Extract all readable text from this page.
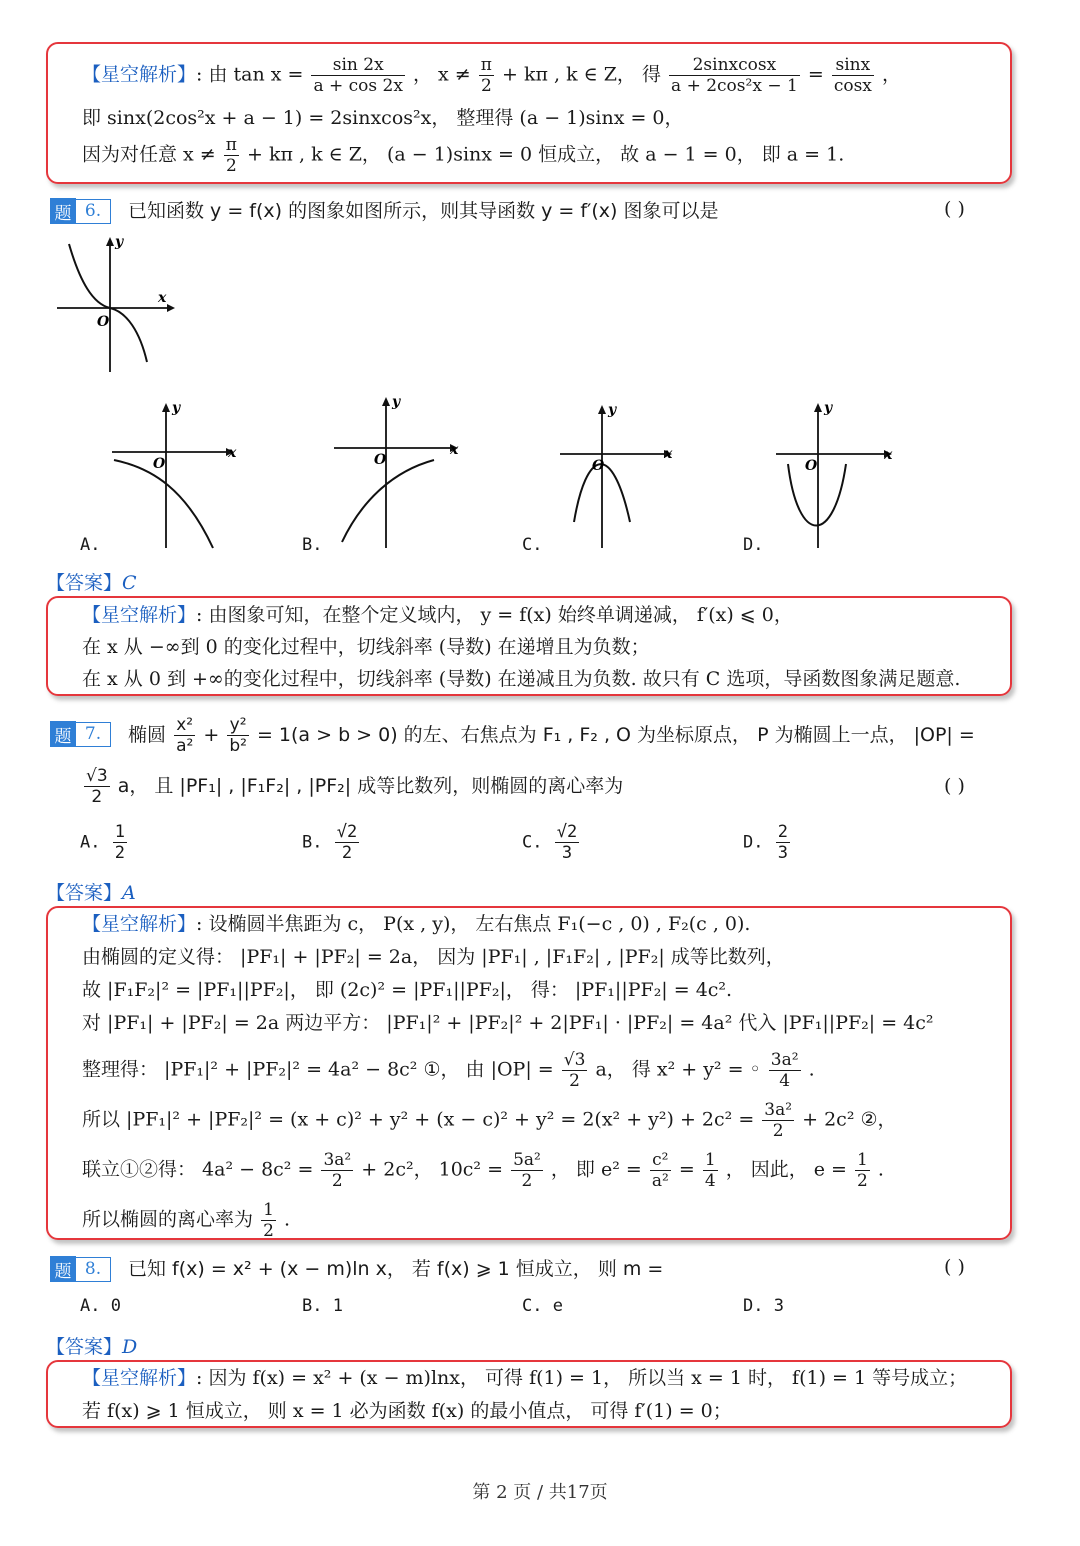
【星空解析】: 由 $\tan x = \frac{\sin 2x}{a + \cos 2x}$ ， $x \ne \frac{\pi}{2} + k\pi$ , k ∈ Z， 得 $\frac{\text{2sinxcosx}}{\text{a + 2cos²x − 1}} = \frac{\sin x}{\cos x}$ ，
即 sinx(2cos²x + a − 1) = 2sinxcos²x， 整理得 (a − 1)sinx = 0，
因为对任意 $x \ne \frac{\pi}{2} + k\pi$ , k ∈ Z， (a − 1)sinx = 0 恒成立， 故 a − 1 = 0， 即 a = 1.
题 6.	已知函数 y = f(x) 的图象如图所示，则其导函数 y = f′(x) 图象可以是	( )
y
x
O
y
x
O
A.
y
x
O
B.
y
x
O
C.
y
x
O
D.
【答案】C
【星空解析】: 由图象可知，在整个定义域内， y = f(x) 始终单调递减， f′(x) ⩽ 0，
在 x 从 −∞到 0 的变化过程中，切线斜率 (导数) 在递增且为负数；
在 x 从 0 到 +∞的变化过程中，切线斜率 (导数) 在递减且为负数. 故只有 C 选项，导函数图象满足题意.
题 7.	椭圆 $\frac{\text{x²}}{\text{a²}} + \frac{\text{y²}}{\text{b²}} = 1(a > b > 0)$ 的左、右焦点为 F₁ , F₂ , O 为坐标原点， P 为椭圆上一点， |OP| =
$\frac{√3}{2}$ a， 且 |PF₁| , |F₁F₂| , |PF₂| 成等比数列，则椭圆的离心率为	( )
A. $\frac{1}{2}$	B. $\frac{√2}{2}$	C. $\frac{√2}{3}$	D. $\frac{2}{3}$
【答案】A
【星空解析】: 设椭圆半焦距为 c， P(x , y)， 左右焦点 F₁(−c , 0) , F₂(c , 0).
由椭圆的定义得： |PF₁| + |PF₂| = 2a， 因为 |PF₁| , |F₁F₂| , |PF₂| 成等比数列，
故 |F₁F₂|² = |PF₁||PF₂|， 即 (2c)² = |PF₁||PF₂|， 得： |PF₁||PF₂| = 4c².
对 |PF₁| + |PF₂| = 2a 两边平方： |PF₁|² + |PF₂|² + 2|PF₁| · |PF₂| = 4a² 代入 |PF₁||PF₂| = 4c²
整理得： |PF₁|² + |PF₂|² = 4a² − 8c² ①， 由 $|OP| = \frac{√3}{2}$ a， 得 x² + y² = ◦ $\frac{\text{3a²}}{4}$ .
所以 $|PF_1|^2 + |PF_2|^2 = (x + c)^2 + y^2 + (x - c)^2 + y^2 = 2(x^2 + y^2) + 2c^2 = \frac{\text{3a²}}{2} + 2c^2$ ②，
联立①②得： $4a^2 - 8c^2 = \frac{\text{3a²}}{2} + 2c^2$， $10c^2 = \frac{\text{5a²}}{2}$ ， 即 $e^2 = \frac{\text{c²}}{\text{a²}} = \frac{1}{4}$ ， 因此， $e = \frac{1}{2}$ .
所以椭圆的离心率为 $\frac{1}{2}$ .
题 8.	已知 f(x) = x² + (x − m)ln x， 若 f(x) ⩾ 1 恒成立， 则 m =	( )
A. 0	B. 1	C. e	D. 3
【答案】D
【星空解析】: 因为 f(x) = x² + (x − m)lnx， 可得 f(1) = 1， 所以当 x = 1 时， f(1) = 1 等号成立；
若 f(x) ⩾ 1 恒成立， 则 x = 1 必为函数 f(x) 的最小值点， 可得 f′(1) = 0；
第 2 页 / 共17页
